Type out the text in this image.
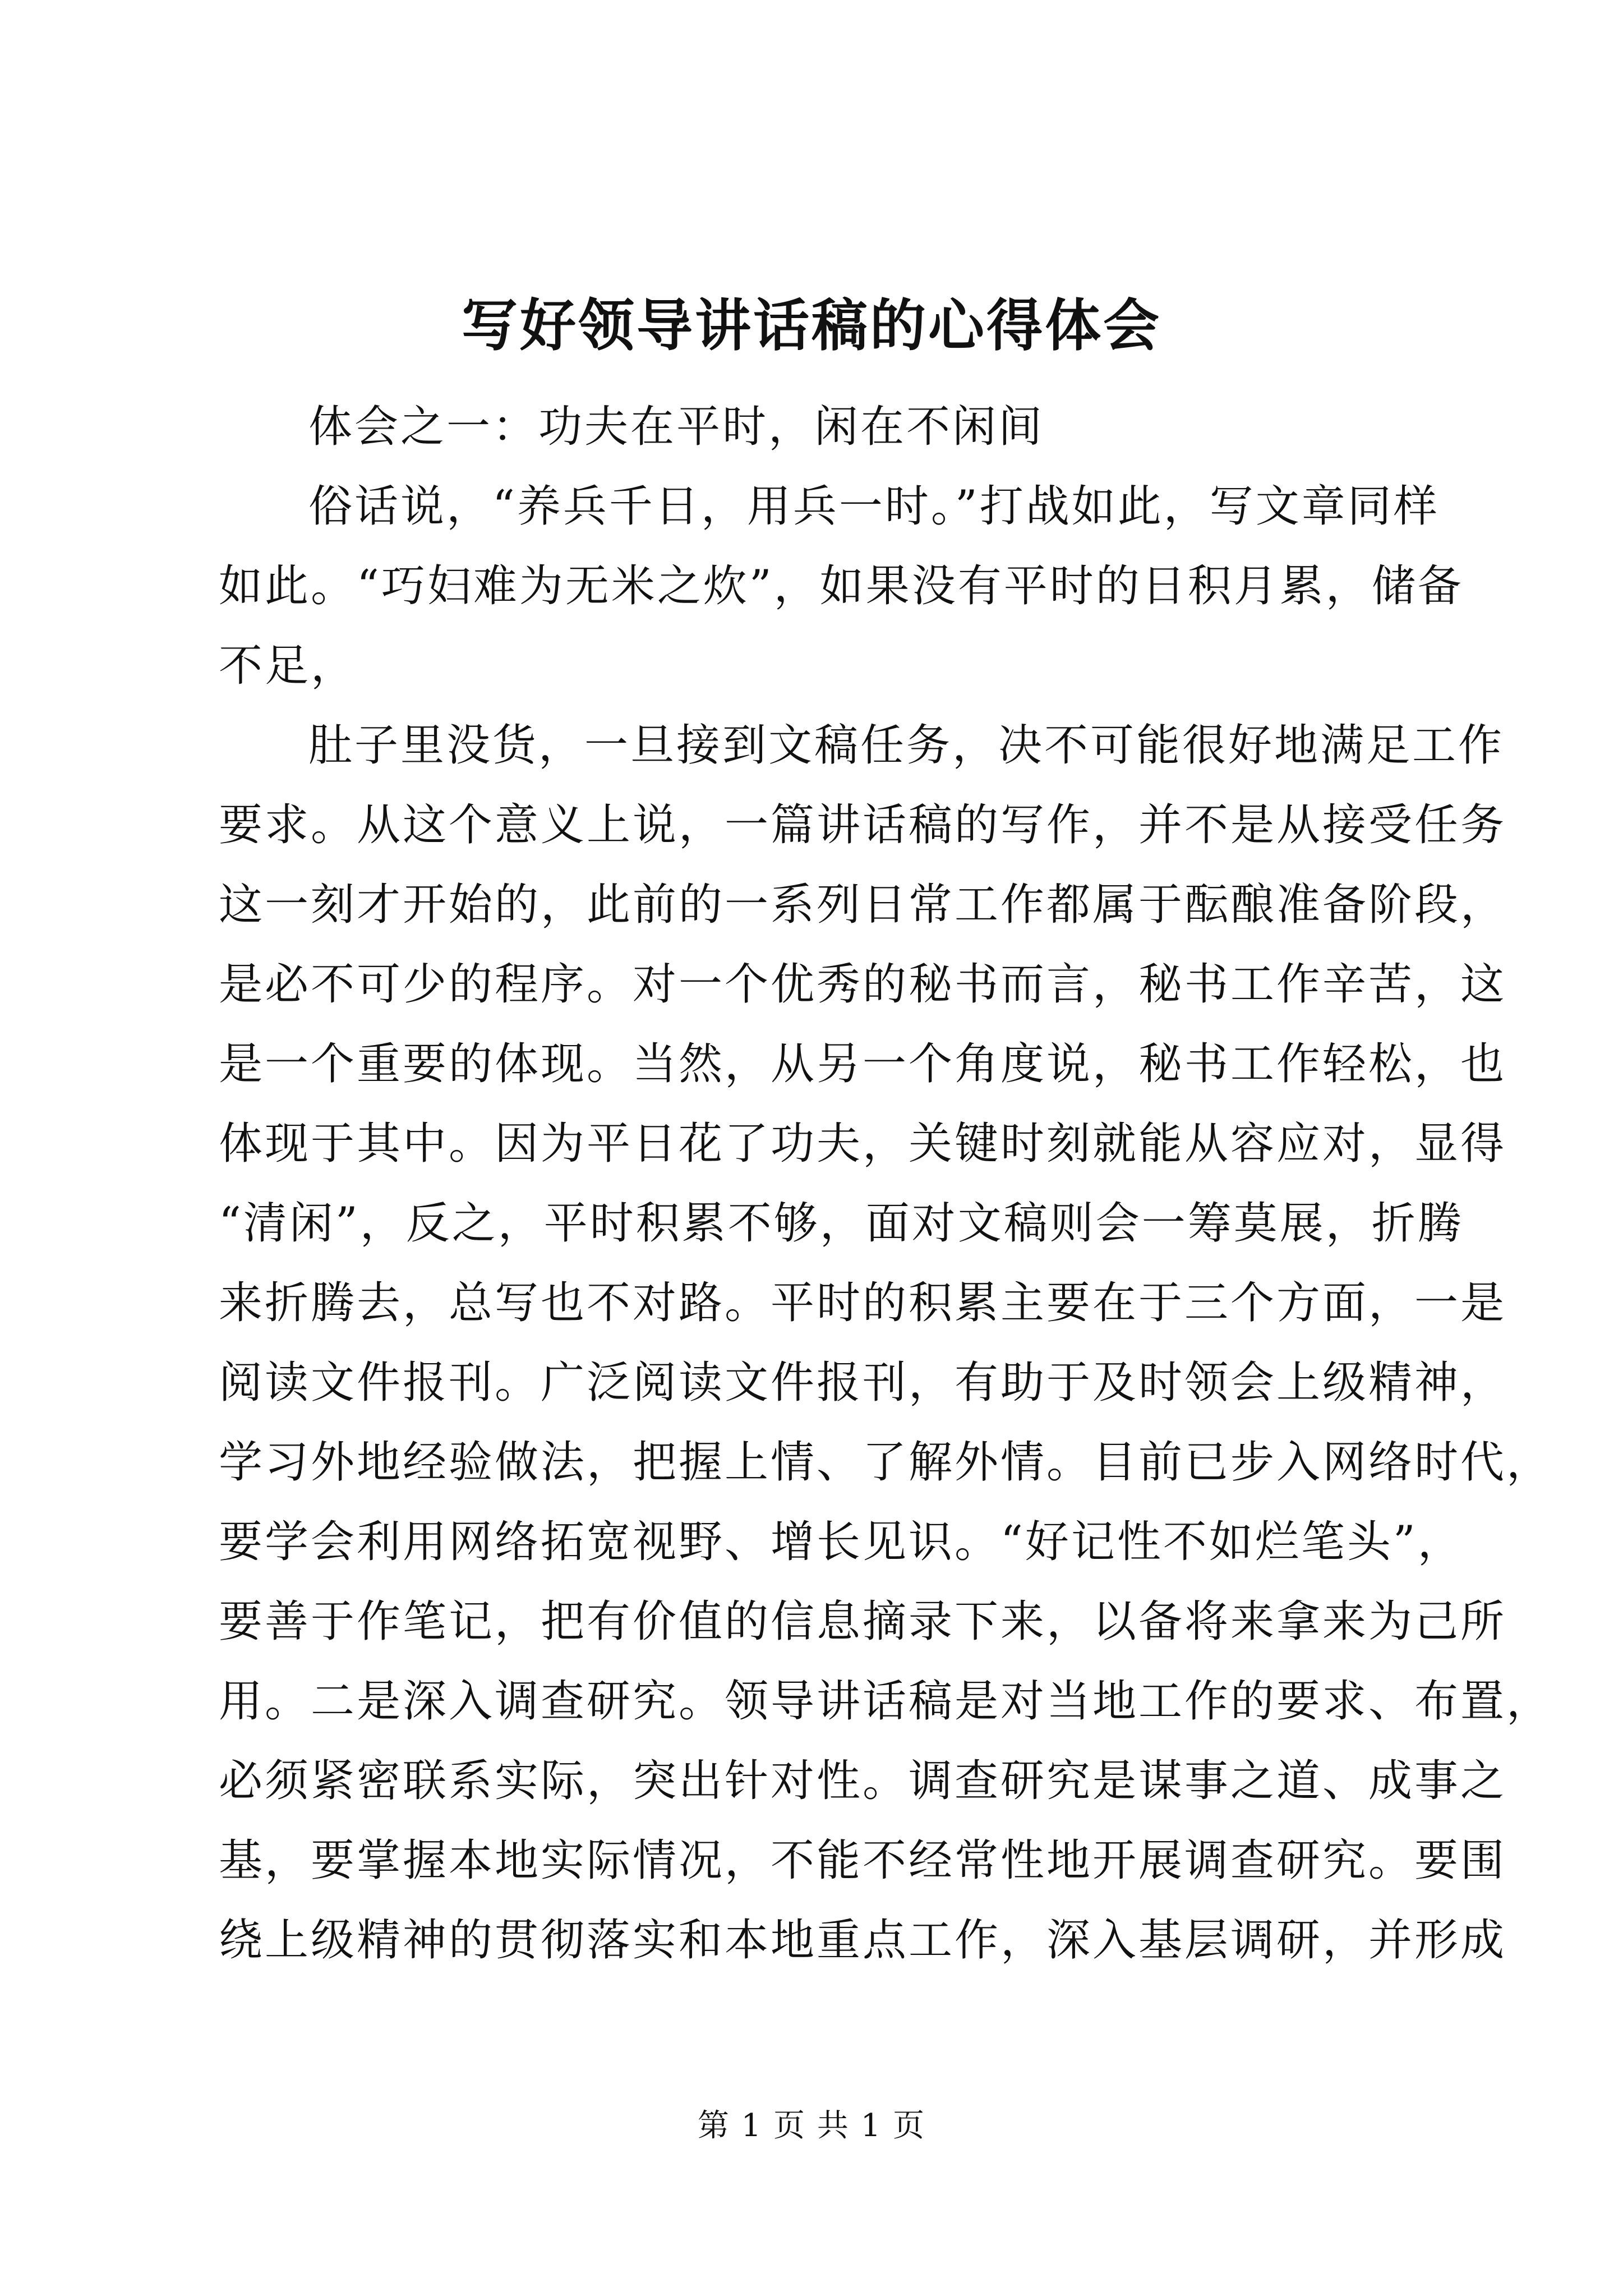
写好领导讲话稿的心得体会
体会之一：功夫在平时，闲在不闲间
俗话说，“养兵千日，用兵一时。”打战如此，写文章同样
如此。“巧妇难为无米之炊”，如果没有平时的日积月累，储备
不足，
肚子里没货，一旦接到文稿任务，决不可能很好地满足工作
要求。从这个意义上说，一篇讲话稿的写作，并不是从接受任务
这一刻才开始的，此前的一系列日常工作都属于酝酿准备阶段，
是必不可少的程序。对一个优秀的秘书而言，秘书工作辛苦，这
是一个重要的体现。当然，从另一个角度说，秘书工作轻松，也
体现于其中。因为平日花了功夫，关键时刻就能从容应对，显得
“清闲”，反之，平时积累不够，面对文稿则会一筹莫展，折腾
来折腾去，总写也不对路。平时的积累主要在于三个方面，一是
阅读文件报刊。广泛阅读文件报刊，有助于及时领会上级精神，
学习外地经验做法，把握上情、了解外情。目前已步入网络时代，
要学会利用网络拓宽视野、增长见识。“好记性不如烂笔头”，
要善于作笔记，把有价值的信息摘录下来，以备将来拿来为己所
用。二是深入调查研究。领导讲话稿是对当地工作的要求、布置，
必须紧密联系实际，突出针对性。调查研究是谋事之道、成事之
基，要掌握本地实际情况，不能不经常性地开展调查研究。要围
绕上级精神的贯彻落实和本地重点工作，深入基层调研，并形成
第 1 页 共 1 页
